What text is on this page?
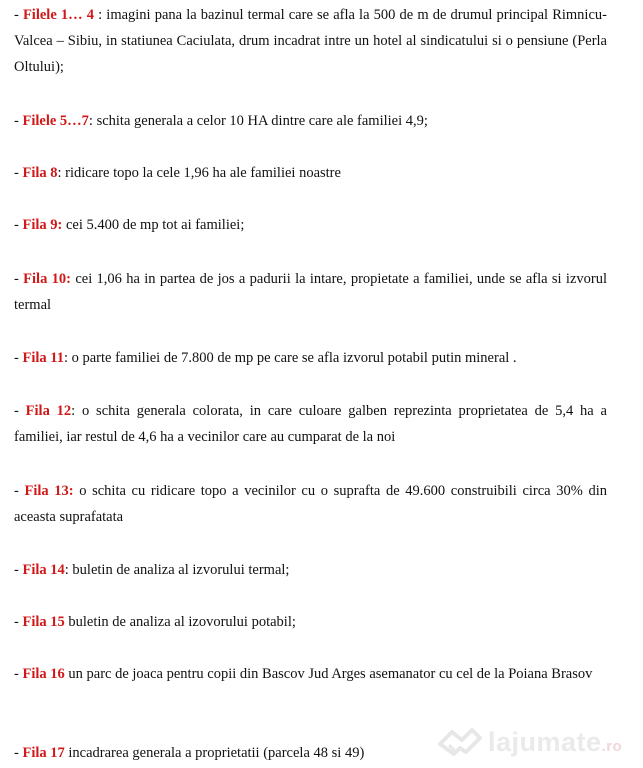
- Filele 1… 4 : imagini pana la bazinul termal care se afla la 500 de m de drumul principal Rimnicu- Valcea – Sibiu, in statiunea Caciulata, drum incadrat intre un hotel al sindicatului si o pensiune (Perla Oltului);

- Filele 5…7: schita generala a celor 10 HA dintre care ale familiei 4,9;

- Fila 8: ridicare topo la cele 1,96 ha ale familiei noastre

- Fila 9: cei 5.400 de mp tot ai familiei;

- Fila 10: cei 1,06 ha in partea de jos a padurii la intare, propietate a familiei, unde se afla si izvorul termal

- Fila 11: o parte familiei de 7.800 de mp pe care se afla izvorul potabil putin mineral .

- Fila 12: o schita generala colorata, in care culoare galben reprezinta proprietatea de 5,4 ha a familiei, iar restul de 4,6 ha a vecinilor care au cumparat de la noi

- Fila 13: o schita cu ridicare topo a vecinilor cu o suprafta de 49.600 construibili circa 30% din aceasta suprafatata

- Fila 14: buletin de analiza al izvorului termal;

- Fila 15 buletin de analiza al izovorului potabil;

- Fila 16 un parc de joaca pentru copii din Bascov Jud Arges asemanator cu cel de la Poiana Brasov

- Fila 17 incadrarea generala a proprietatii (parcela 48 si 49)	lajumate.ro
